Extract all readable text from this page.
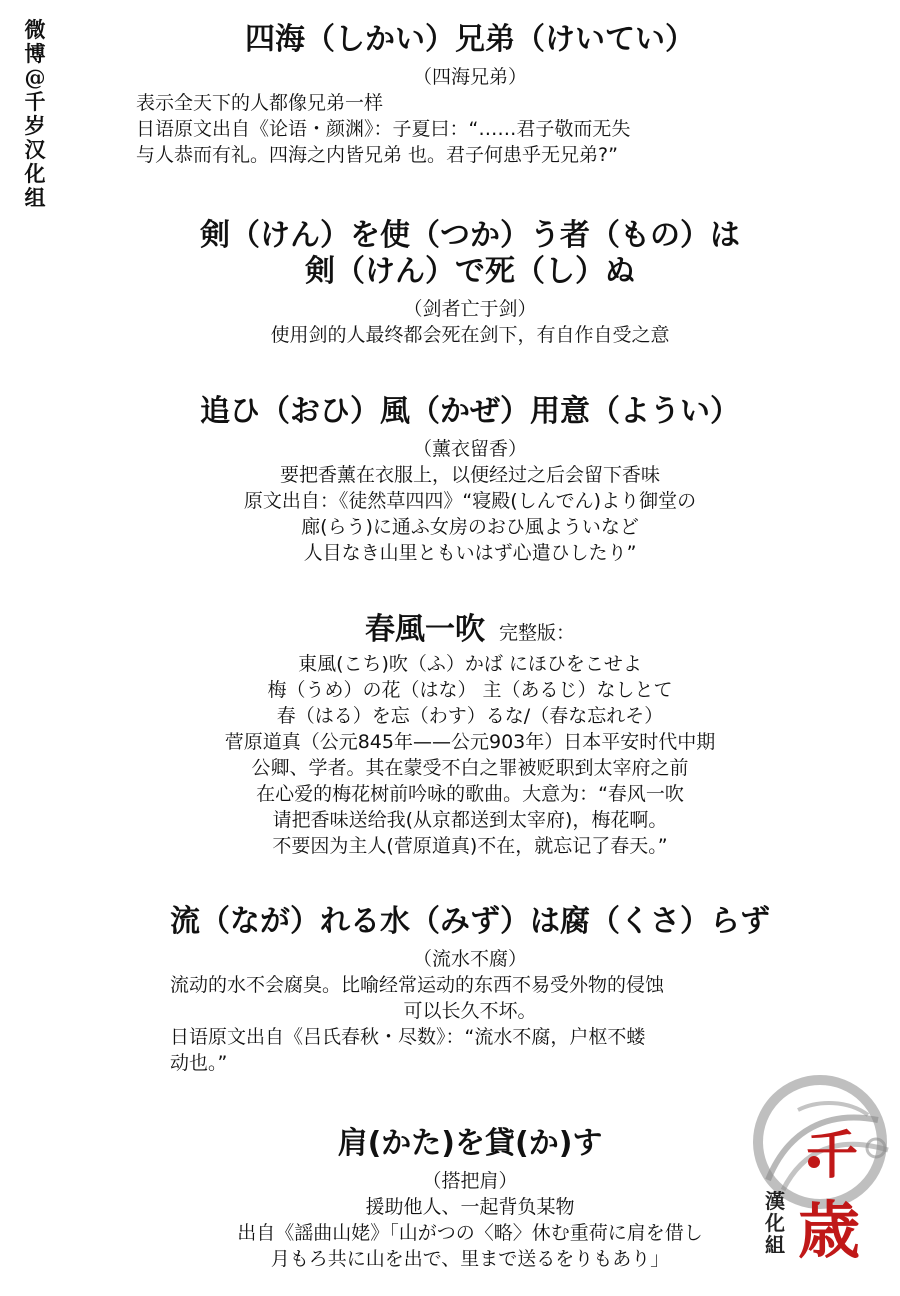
微博@千岁汉化组
四海（しかい）兄弟（けいてい）
（四海兄弟）
表示全天下的人都像兄弟一样
日语原文出自《论语・颜渊》：子夏曰：“……君子敬而无失
与人恭而有礼。四海之内皆兄弟 也。君子何患乎无兄弟?”
剣（けん）を使（つか）う者（もの）は
剣（けん）で死（し）ぬ
（剑者亡于剑）
使用剑的人最终都会死在剑下，有自作自受之意
追ひ（おひ）風（かぜ）用意（ようい）
（薰衣留香）
要把香薰在衣服上，以便经过之后会留下香味
原文出自：《徒然草四四》“寝殿(しんでん)より御堂の
廊(らう)に通ふ女房のおひ風よういなど
人目なき山里ともいはず心遣ひしたり”
春風一吹 完整版：
東風(こち)吹（ふ）かば にほひをこせよ
梅（うめ）の花（はな） 主（あるじ）なしとて
春（はる）を忘（わす）るな/（春な忘れそ）
菅原道真（公元845年——公元903年）日本平安时代中期
公卿、学者。其在蒙受不白之罪被贬职到太宰府之前
在心爱的梅花树前吟咏的歌曲。大意为：“春风一吹
请把香味送给我(从京都送到太宰府)，梅花啊。
不要因为主人(菅原道真)不在，就忘记了春天。”
流（なが）れる水（みず）は腐（くさ）らず
（流水不腐）
流动的水不会腐臭。比喻经常运动的东西不易受外物的侵蚀
可以长久不坏。
日语原文出自《吕氏春秋・尽数》：“流水不腐，户枢不蝼
动也。”
肩(かた)を貸(か)す
（搭把肩）
援助他人、一起背负某物
出自《謡曲山姥》「山がつの〈略〉休む重荷に肩を借し
月もろ共に山を出で、里まで送るをりもあり」
千
歳
漢化組
